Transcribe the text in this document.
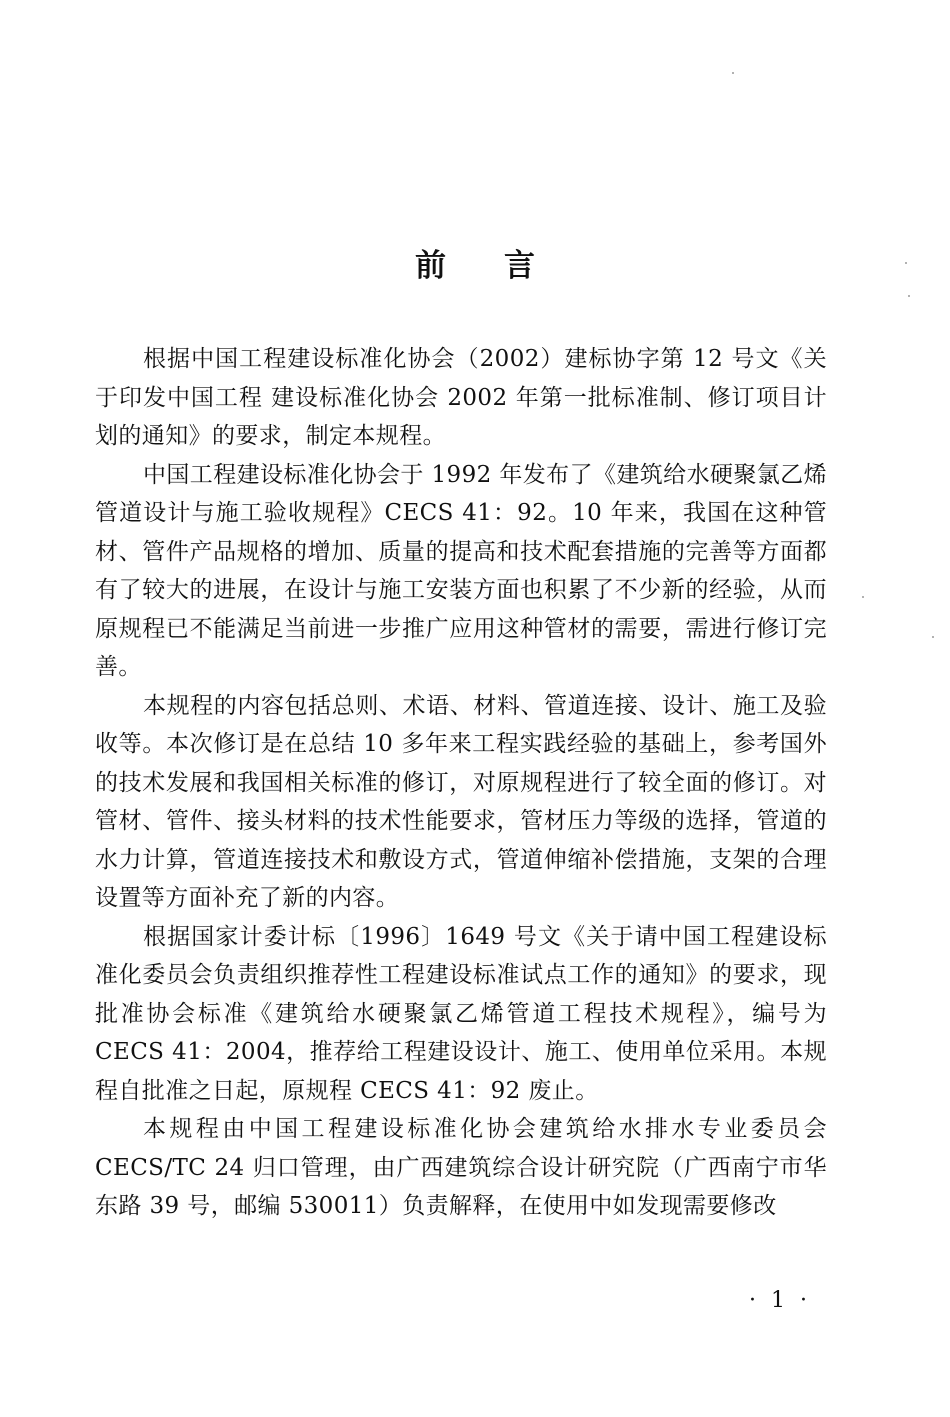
前言

根据中国工程建设标准化协会（2002）建标协字第 12 号文《关于印发中国工程 建设标准化协会 2002 年第一批标准制、修订项目计划的通知》的要求，制定本规程。

中国工程建设标准化协会于 1992 年发布了《建筑给水硬聚氯乙烯管道设计与施工验收规程》CECS 41：92。10 年来，我国在这种管材、管件产品规格的增加、质量的提高和技术配套措施的完善等方面都有了较大的进展，在设计与施工安装方面也积累了不少新的经验，从而原规程已不能满足当前进一步推广应用这种管材的需要，需进行修订完善。

本规程的内容包括总则、术语、材料、管道连接、设计、施工及验收等。本次修订是在总结 10 多年来工程实践经验的基础上，参考国外的技术发展和我国相关标准的修订，对原规程进行了较全面的修订。对管材、管件、接头材料的技术性能要求，管材压力等级的选择，管道的水力计算，管道连接技术和敷设方式，管道伸缩补偿措施，支架的合理设置等方面补充了新的内容。

根据国家计委计标〔1996〕1649 号文《关于请中国工程建设标准化委员会负责组织推荐性工程建设标准试点工作的通知》的要求，现批准协会标准《建筑给水硬聚氯乙烯管道工程技术规程》，编号为 CECS 41：2004，推荐给工程建设设计、施工、使用单位采用。本规程自批准之日起，原规程 CECS 41：92 废止。

本规程由中国工程建设标准化协会建筑给水排水专业委员会 CECS/TC 24 归口管理，由广西建筑综合设计研究院（广西南宁市华东路 39 号，邮编 530011）负责解释，在使用中如发现需要修改

· 1 ·
